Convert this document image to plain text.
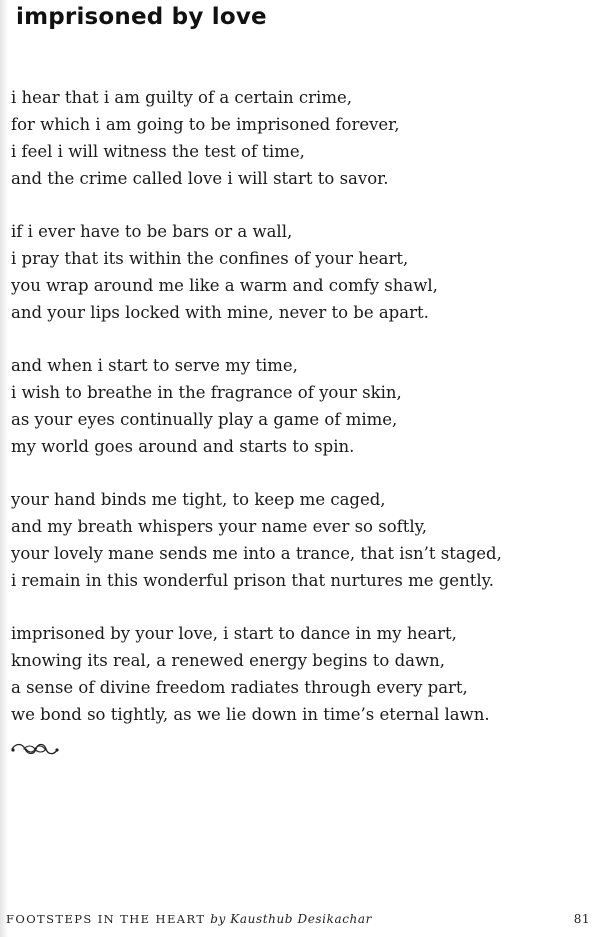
imprisoned by love
i hear that i am guilty of a certain crime,
for which i am going to be imprisoned forever,
i feel i will witness the test of time,
and the crime called love i will start to savor.
if i ever have to be bars or a wall,
i pray that its within the confines of your heart,
you wrap around me like a warm and comfy shawl,
and your lips locked with mine, never to be apart.
and when i start to serve my time,
i wish to breathe in the fragrance of your skin,
as your eyes continually play a game of mime,
my world goes around and starts to spin.
your hand binds me tight, to keep me caged,
and my breath whispers your name ever so softly,
your lovely mane sends me into a trance, that isn’t staged,
i remain in this wonderful prison that nurtures me gently.
imprisoned by your love, i start to dance in my heart,
knowing its real, a renewed energy begins to dawn,
a sense of divine freedom radiates through every part,
we bond so tightly, as we lie down in time’s eternal lawn.
FOOTSTEPS IN THE HEART by Kausthub Desikachar	81
